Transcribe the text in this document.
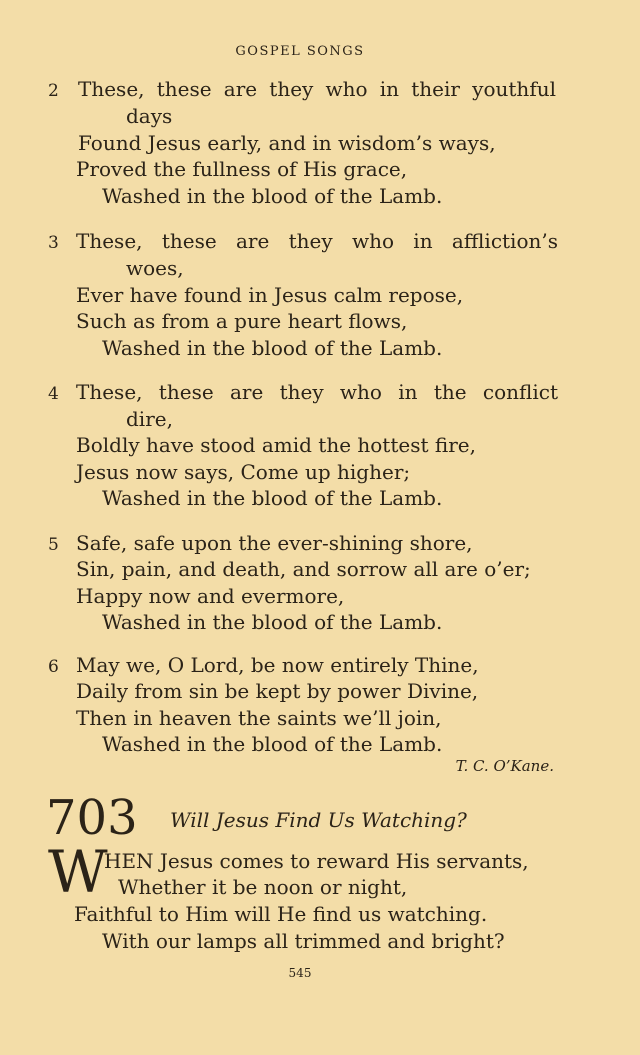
GOSPEL SONGS
2 These, these are they who in their youthful
days
Found Jesus early, and in wisdom’s ways,
Proved the fullness of His grace,
Washed in the blood of the Lamb.
3 These, these are they who in affliction’s
woes,
Ever have found in Jesus calm repose,
Such as from a pure heart flows,
Washed in the blood of the Lamb.
4 These, these are they who in the conflict
dire,
Boldly have stood amid the hottest fire,
Jesus now says, Come up higher;
Washed in the blood of the Lamb.
5 Safe, safe upon the ever-shining shore,
Sin, pain, and death, and sorrow all are o’er;
Happy now and evermore,
Washed in the blood of the Lamb.
6 May we, O Lord, be now entirely Thine,
Daily from sin be kept by power Divine,
Then in heaven the saints we’ll join,
Washed in the blood of the Lamb.
T. C. O’Kane.
703 Will Jesus Find Us Watching?
W
HEN Jesus comes to reward His servants,
Whether it be noon or night,
Faithful to Him will He find us watching.
With our lamps all trimmed and bright?
545
